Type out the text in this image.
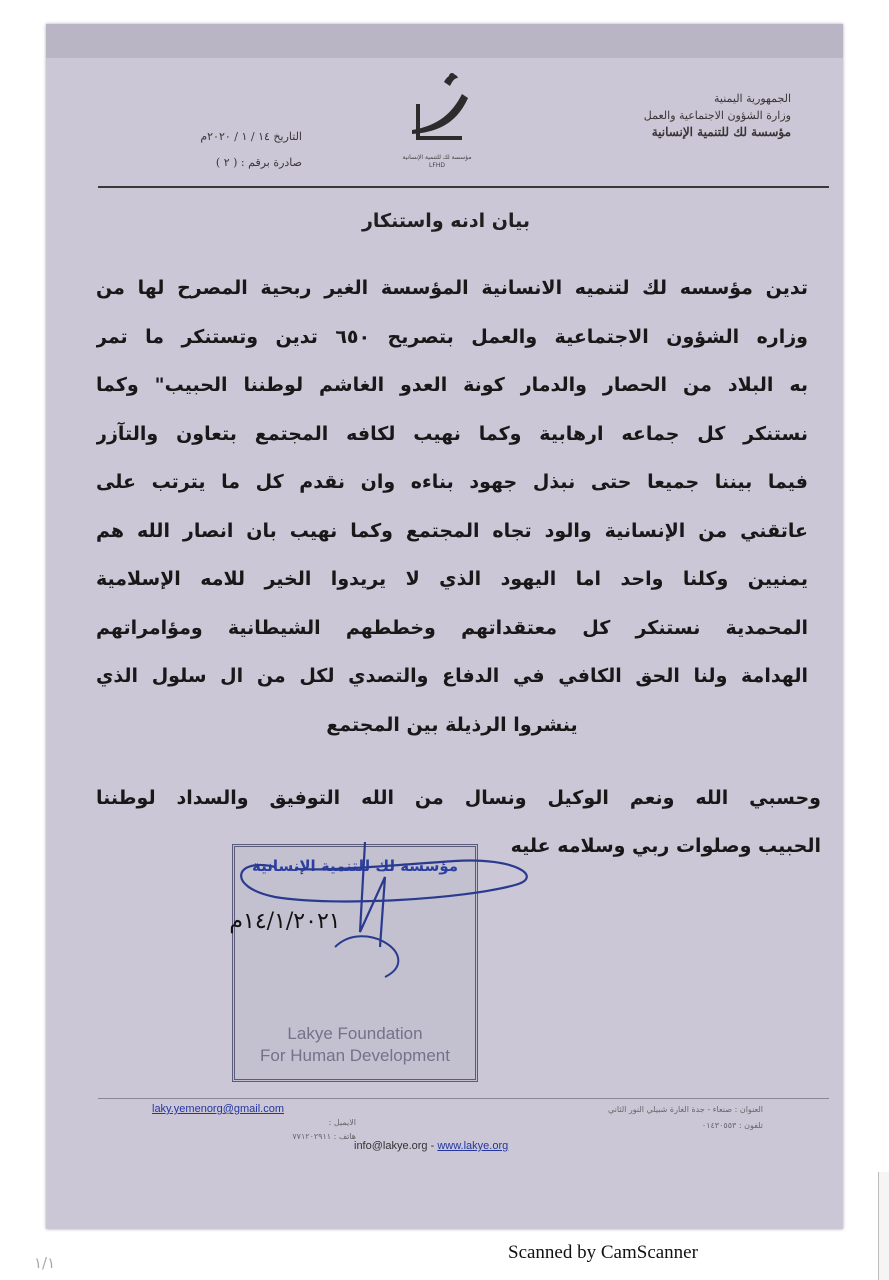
الجمهورية اليمنية
وزارة الشؤون الاجتماعية والعمل
مؤسسة لك للتنمية الإنسانية
مؤسسة لك للتنمية الإنسانية
LFHD
التاريخ ١٤ / ١ / ٢٠٢٠م
صادرة برقم : ( ٢ )
بيان ادنه واستنكار
تدين مؤسسه لك لتنميه الانسانية المؤسسة الغير ربحية المصرح لها من
وزاره الشؤون الاجتماعية والعمل بتصريح ٦٥٠ تدين وتستنكر ما تمر
به البلاد من الحصار والدمار كونة العدو الغاشم لوطننا الحبيب" وكما
نستنكر كل جماعه ارهابية وكما نهيب لكافه المجتمع بتعاون والتآزر
فيما بيننا جميعا حتى نبذل جهود بناءه وان نقدم كل ما يترتب على
عاتقني من الإنسانية والود تجاه المجتمع وكما نهيب بان انصار الله هم
يمنيين وكلنا واحد اما اليهود الذي لا يريدوا الخير للامه الإسلامية
المحمدية نستنكر كل معتقداتهم وخططهم الشيطانية ومؤامراتهم
الهدامة ولنا الحق الكافي في الدفاع والتصدي لكل من ال سلول الذي
ينشروا الرذيلة بين المجتمع
وحسبي الله ونعم الوكيل ونسال من الله التوفيق والسداد لوطننا
الحبيب وصلوات ربي وسلامه عليه
مؤسسة لك للتنمية الإنسانية
١٤/١/٢٠٢١م
Lakye Foundation
For Human Development
laky.yemenorg@gmail.com
الايميل :
هاتف : ٧٧١٢٠٢٩١١
العنوان : صنعاء - جدة الغارة شبيلي النور الثاني
تلفون : ٠١٤٣٠٥٥٣
info@lakye.org - www.lakye.org
Scanned by CamScanner
١/١
